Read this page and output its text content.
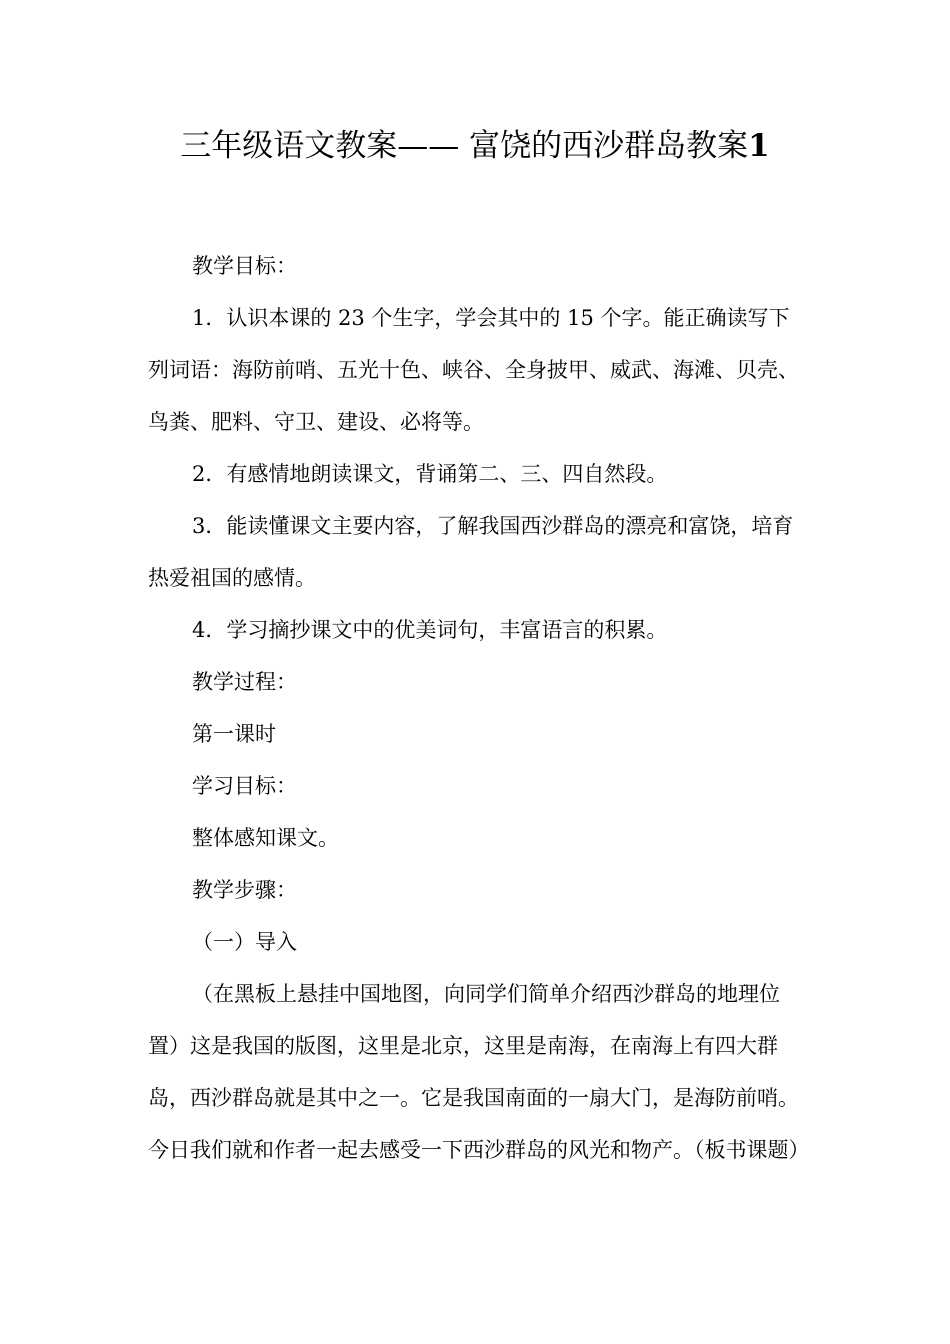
三年级语文教案—— 富饶的西沙群岛教案1

教学目标：

1．认识本课的 23 个生字，学会其中的 15 个字。能正确读写下列词语：海防前哨、五光十色、峡谷、全身披甲、威武、海滩、贝壳、鸟粪、肥料、守卫、建设、必将等。

2．有感情地朗读课文，背诵第二、三、四自然段。

3．能读懂课文主要内容，了解我国西沙群岛的漂亮和富饶，培育热爱祖国的感情。

4．学习摘抄课文中的优美词句，丰富语言的积累。

教学过程：

第一课时

学习目标：

整体感知课文。

教学步骤：

（一）导入

（在黑板上悬挂中国地图，向同学们简单介绍西沙群岛的地理位置）这是我国的版图，这里是北京，这里是南海，在南海上有四大群岛，西沙群岛就是其中之一。它是我国南面的一扇大门，是海防前哨。今日我们就和作者一起去感受一下西沙群岛的风光和物产。（板书课题）
